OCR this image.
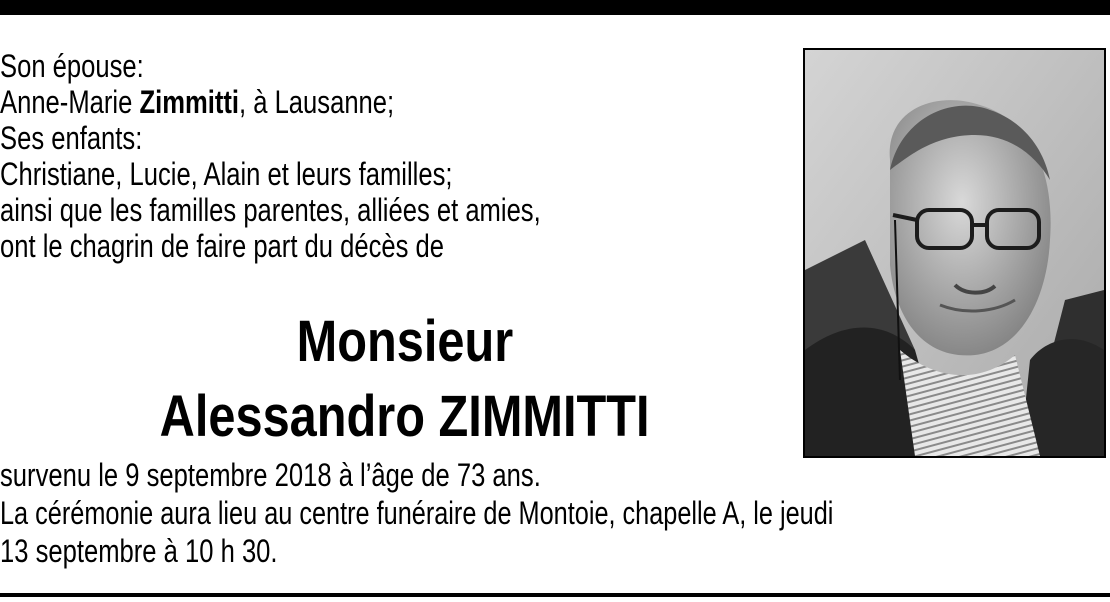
Son épouse:
Anne-Marie Zimmitti, à Lausanne;
Ses enfants:
Christiane, Lucie, Alain et leurs familles;
ainsi que les familles parentes, alliées et amies,
ont le chagrin de faire part du décès de
Monsieur
Alessandro ZIMMITTI
survenu le 9 septembre 2018 à l’âge de 73 ans.
La cérémonie aura lieu au centre funéraire de Montoie, chapelle A, le jeudi
13 septembre à 10 h 30.
